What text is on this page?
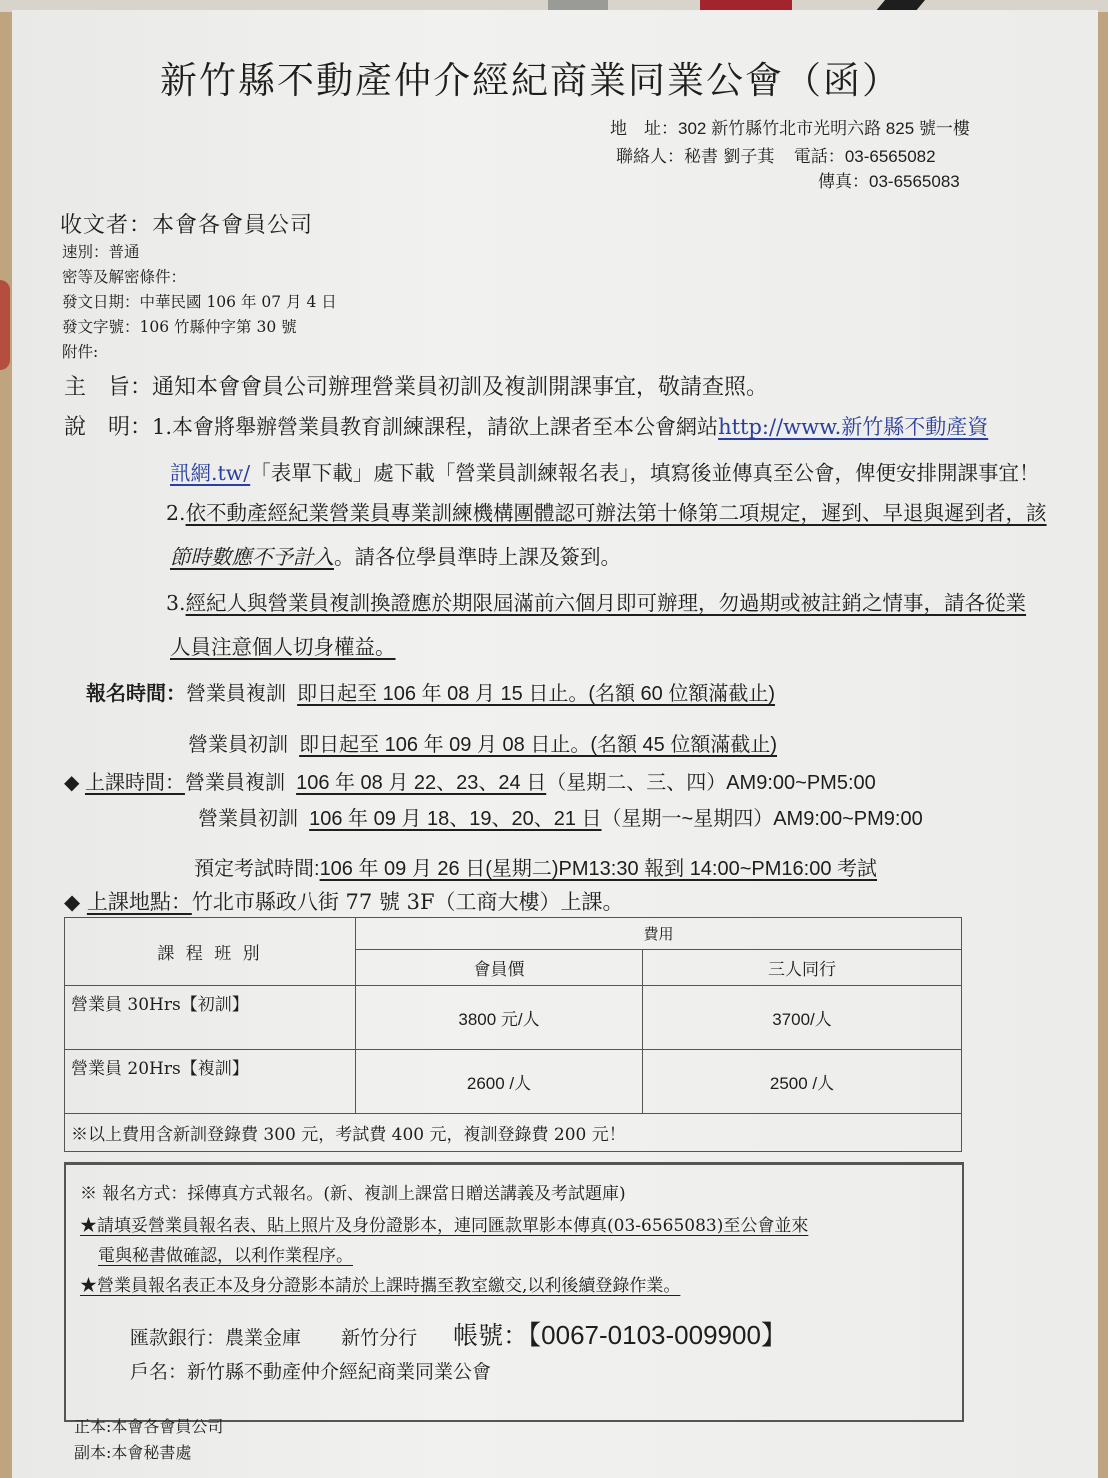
新竹縣不動產仲介經紀商業同業公會（函）
地　址：302 新竹縣竹北市光明六路 825 號一樓
聯絡人：秘書 劉子萁 電話：03-6565082
傳真：03-6565083
收文者：本會各會員公司
速別：普通
密等及解密條件：
發文日期：中華民國 106 年 07 月 4 日
發文字號：106 竹縣仲字第 30 號
附件:
主　旨：通知本會會員公司辦理營業員初訓及複訓開課事宜，敬請查照。
說　明：1.本會將舉辦營業員教育訓練課程，請欲上課者至本公會網站http://www.新竹縣不動產資
訊網.tw/「表單下載」處下載「營業員訓練報名表」，填寫後並傳真至公會，俾便安排開課事宜！
2.依不動產經紀業營業員專業訓練機構團體認可辦法第十條第二項規定，遲到、早退與遲到者，該
節時數應不予計入。請各位學員準時上課及簽到。
3.經紀人與營業員複訓換證應於期限屆滿前六個月即可辦理，勿過期或被註銷之情事，請各從業
人員注意個人切身權益。
報名時間：營業員複訓 即日起至 106 年 08 月 15 日止。(名額 60 位額滿截止)
營業員初訓 即日起至 106 年 09 月 08 日止。(名額 45 位額滿截止)
◆ 上課時間：營業員複訓 106 年 08 月 22、23、24 日（星期二、三、四）AM9:00~PM5:00
營業員初訓 106 年 09 月 18、19、20、21 日（星期一~星期四）AM9:00~PM9:00
預定考試時間:106 年 09 月 26 日(星期二)PM13:30 報到 14:00~PM16:00 考試
◆ 上課地點：竹北市縣政八街 77 號 3F（工商大樓）上課。
課 程 班 別	費用	
	會員價	三人同行
營業員 30Hrs【初訓】	3800 元/人	3700/人
營業員 20Hrs【複訓】	2600 /人	2500 /人
※以上費用含新訓登錄費 300 元，考試費 400 元，複訓登錄費 200 元！		
※ 報名方式：採傳真方式報名。(新、複訓上課當日贈送講義及考試題庫)
★請填妥營業員報名表、貼上照片及身份證影本，連同匯款單影本傳真(03-6565083)至公會並來
電與秘書做確認，以利作業程序。
★營業員報名表正本及身分證影本請於上課時攜至教室繳交,以利後續登錄作業。
匯款銀行：農業金庫 新竹分行 帳號：【0067-0103-009900】
戶名：新竹縣不動產仲介經紀商業同業公會
正本:本會各會員公司
副本:本會秘書處
